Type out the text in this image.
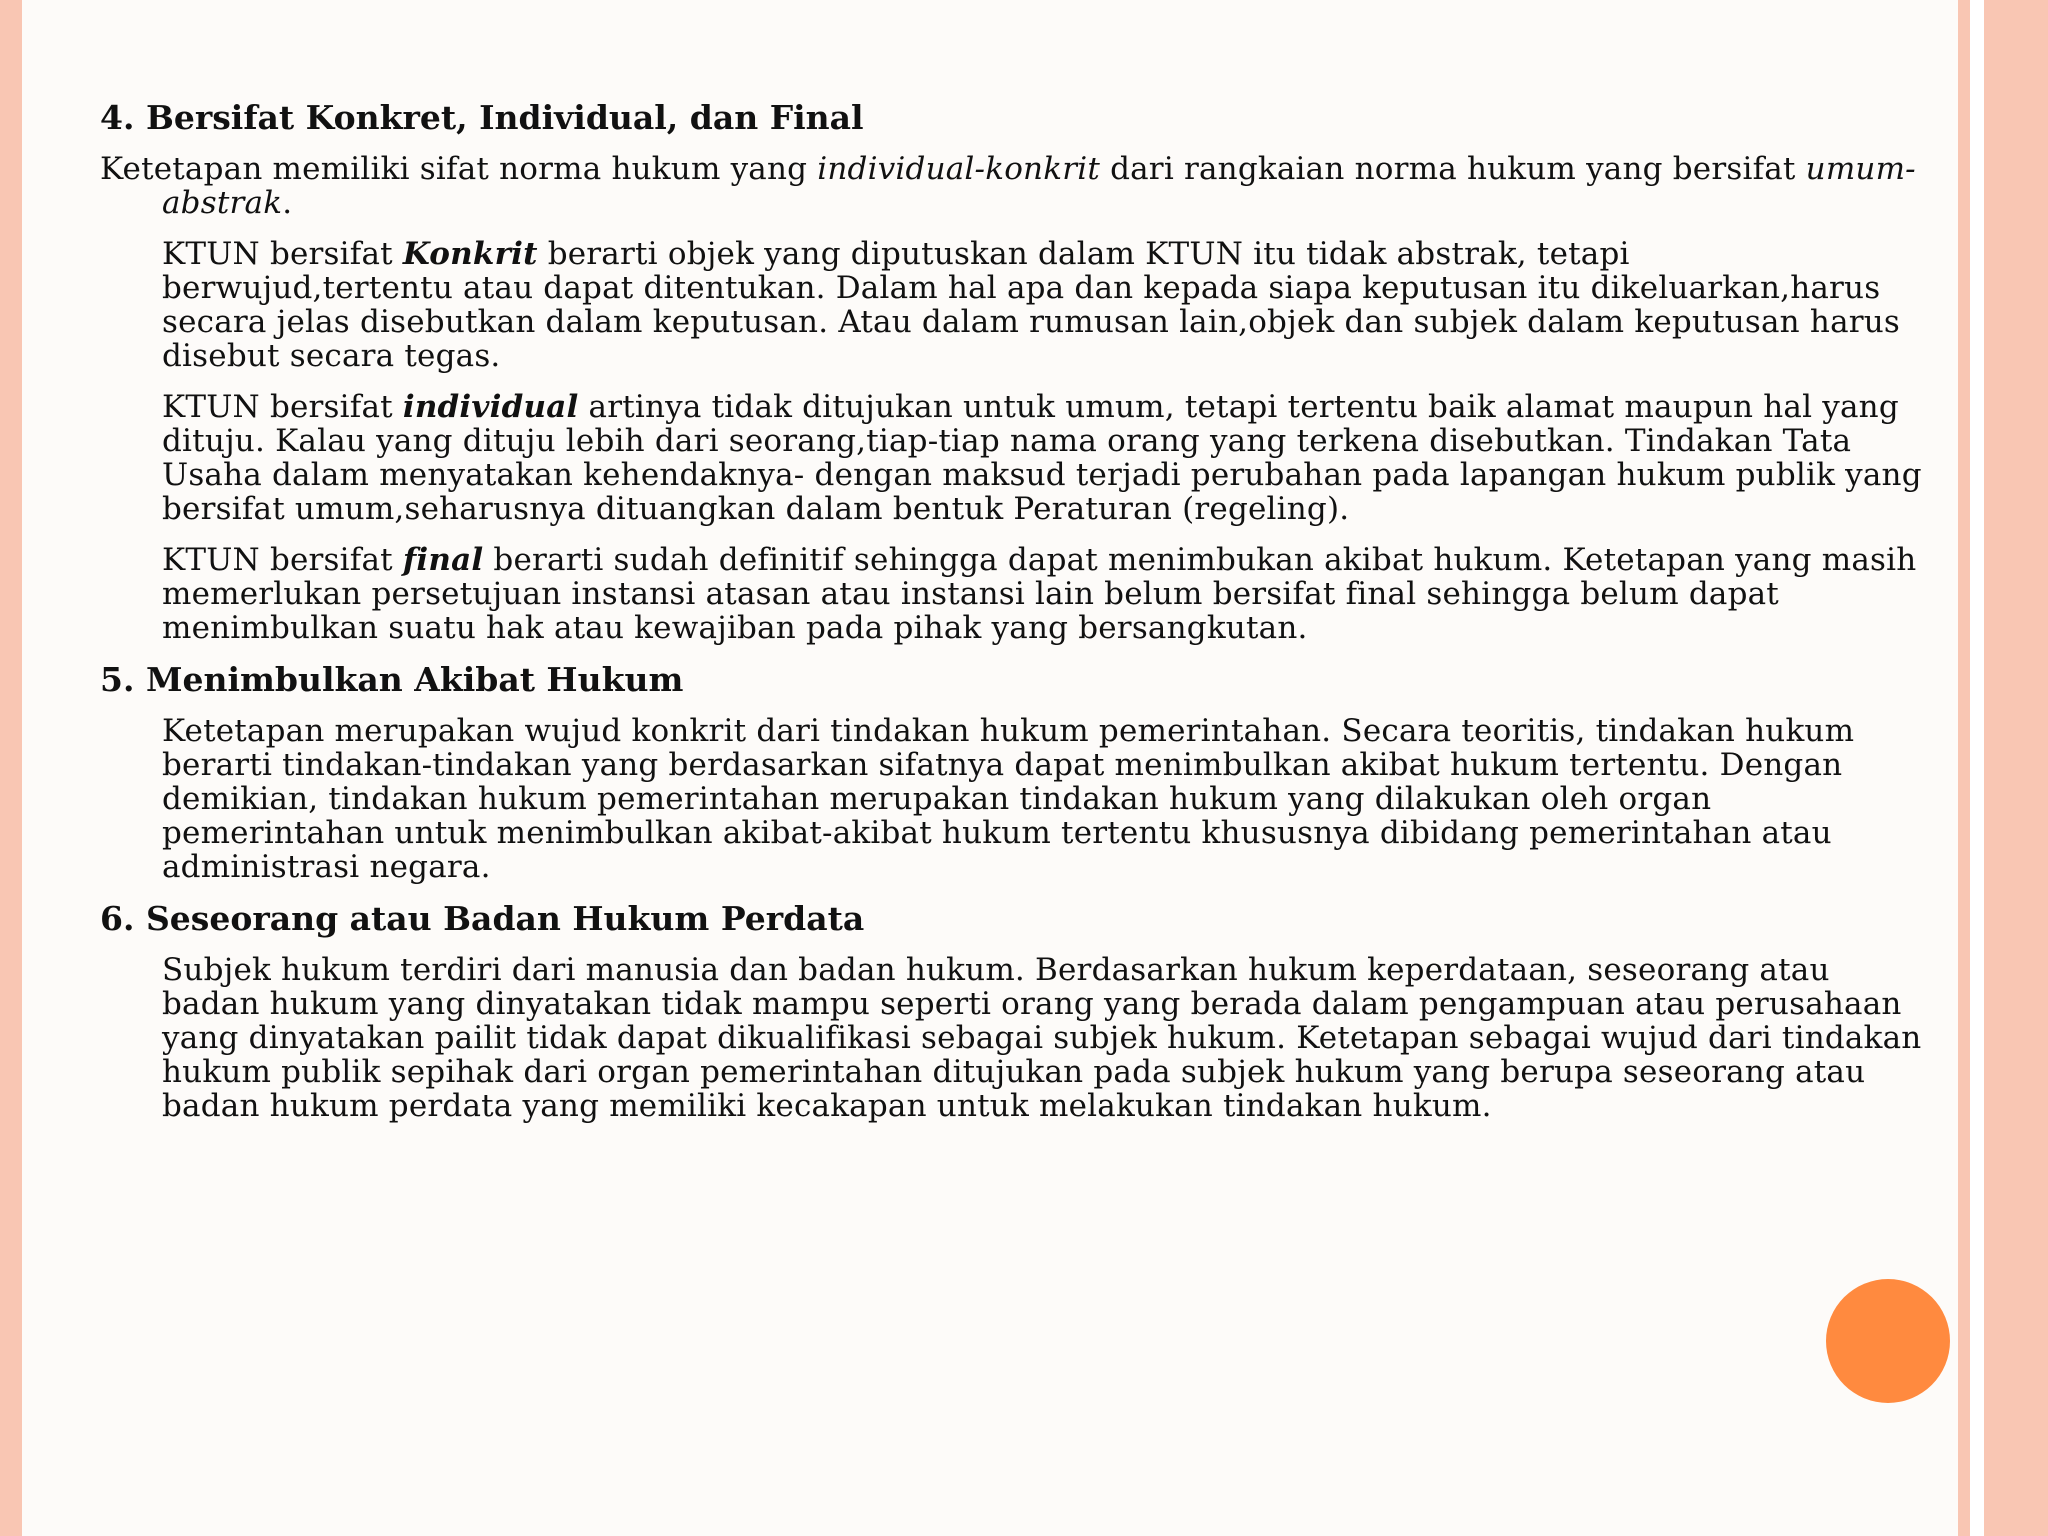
4. Bersifat Konkret, Individual, dan Final

Ketetapan memiliki sifat norma hukum yang individual-konkrit dari rangkaian norma hukum yang bersifat umum-abstrak.

KTUN bersifat Konkrit berarti objek yang diputuskan dalam KTUN itu tidak abstrak, tetapi berwujud,tertentu atau dapat ditentukan. Dalam hal apa dan kepada siapa keputusan itu dikeluarkan,harus secara jelas disebutkan dalam keputusan. Atau dalam rumusan lain,objek dan subjek dalam keputusan harus disebut secara tegas.

KTUN bersifat individual artinya tidak ditujukan untuk umum, tetapi tertentu baik alamat maupun hal yang dituju. Kalau yang dituju lebih dari seorang,tiap-tiap nama orang yang terkena disebutkan. Tindakan Tata Usaha dalam menyatakan kehendaknya- dengan maksud terjadi perubahan pada lapangan hukum publik yang bersifat umum,seharusnya dituangkan dalam bentuk Peraturan (regeling).

KTUN bersifat final berarti sudah definitif sehingga dapat menimbukan akibat hukum. Ketetapan yang masih memerlukan persetujuan instansi atasan atau instansi lain belum bersifat final sehingga belum dapat menimbulkan suatu hak atau kewajiban pada pihak yang bersangkutan.

5. Menimbulkan Akibat Hukum

Ketetapan merupakan wujud konkrit dari tindakan hukum pemerintahan. Secara teoritis, tindakan hukum berarti tindakan-tindakan yang berdasarkan sifatnya dapat menimbulkan akibat hukum tertentu. Dengan demikian, tindakan hukum pemerintahan merupakan tindakan hukum yang dilakukan oleh organ pemerintahan untuk menimbulkan akibat-akibat hukum tertentu khususnya dibidang pemerintahan atau administrasi negara.

6. Seseorang atau Badan Hukum Perdata

Subjek hukum terdiri dari manusia dan badan hukum. Berdasarkan hukum keperdataan, seseorang atau badan hukum yang dinyatakan tidak mampu seperti orang yang berada dalam pengampuan atau perusahaan yang dinyatakan pailit tidak dapat dikualifikasi sebagai subjek hukum. Ketetapan sebagai wujud dari tindakan hukum publik sepihak dari organ pemerintahan ditujukan pada subjek hukum yang berupa seseorang atau badan hukum perdata yang memiliki kecakapan untuk melakukan tindakan hukum.
